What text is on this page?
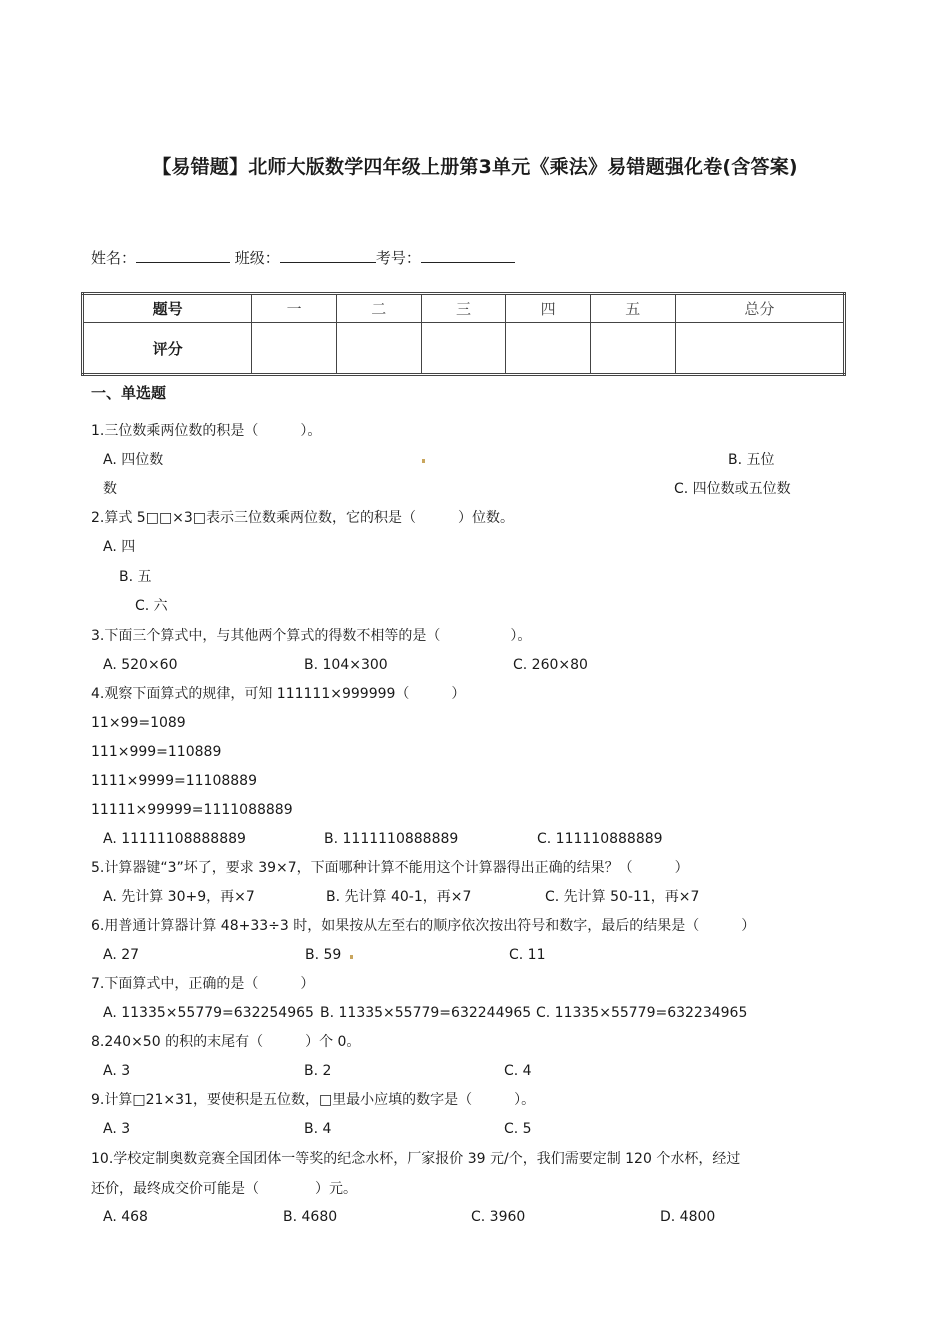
【易错题】北师大版数学四年级上册第3单元《乘法》易错题强化卷(含答案)
姓名：	班级：	考号：
题号	一	二	三	四	五	总分
评分						
一、单选题
1.三位数乘两位数的积是（　　　）。
A. 四位数	B. 五位
数	C. 四位数或五位数
2.算式 5□□×3□表示三位数乘两位数，它的积是（　　　）位数。
A. 四
B. 五
C. 六
3.下面三个算式中，与其他两个算式的得数不相等的是（　　　　　）。
A. 520×60	B. 104×300	C. 260×80
4.观察下面算式的规律，可知 111111×999999（　　　）
11×99=1089
111×999=110889
1111×9999=11108889
11111×99999=1111088889
A. 11111108888889	B. 1111110888889	C. 111110888889
5.计算器键“3”坏了，要求 39×7，下面哪种计算不能用这个计算器得出正确的结果？（　　　）
A. 先计算 30+9，再×7	B. 先计算 40-1，再×7	C. 先计算 50-11，再×7
6.用普通计算器计算 48+33÷3 时，如果按从左至右的顺序依次按出符号和数字，最后的结果是（　　　）
A. 27	B. 59	C. 11
7.下面算式中，正确的是（　　　）
A. 11335×55779=632254965 B. 11335×55779=632244965 C. 11335×55779=632234965
8.240×50 的积的末尾有（　　　）个 0。
A. 3	B. 2	C. 4
9.计算□21×31，要使积是五位数，□里最小应填的数字是（　　　）。
A. 3	B. 4	C. 5
10.学校定制奥数竞赛全国团体一等奖的纪念水杯，厂家报价 39 元/个，我们需要定制 120 个水杯，经过
还价，最终成交价可能是（　　　　）元。
A. 468	B. 4680	C. 3960	D. 4800
